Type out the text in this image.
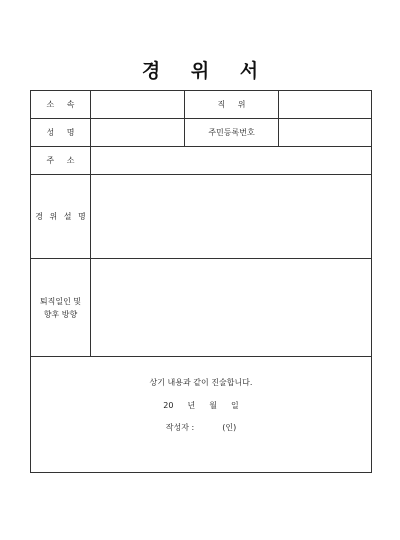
경 위 서
소 속		직 위	
성 명		주민등록번호	
주 소			
경 위 설 명			

퇴직일인 및
향후 방향			

상기 내용과 같이 진술합니다.
20 년 월 일
작성자 : (인)			
